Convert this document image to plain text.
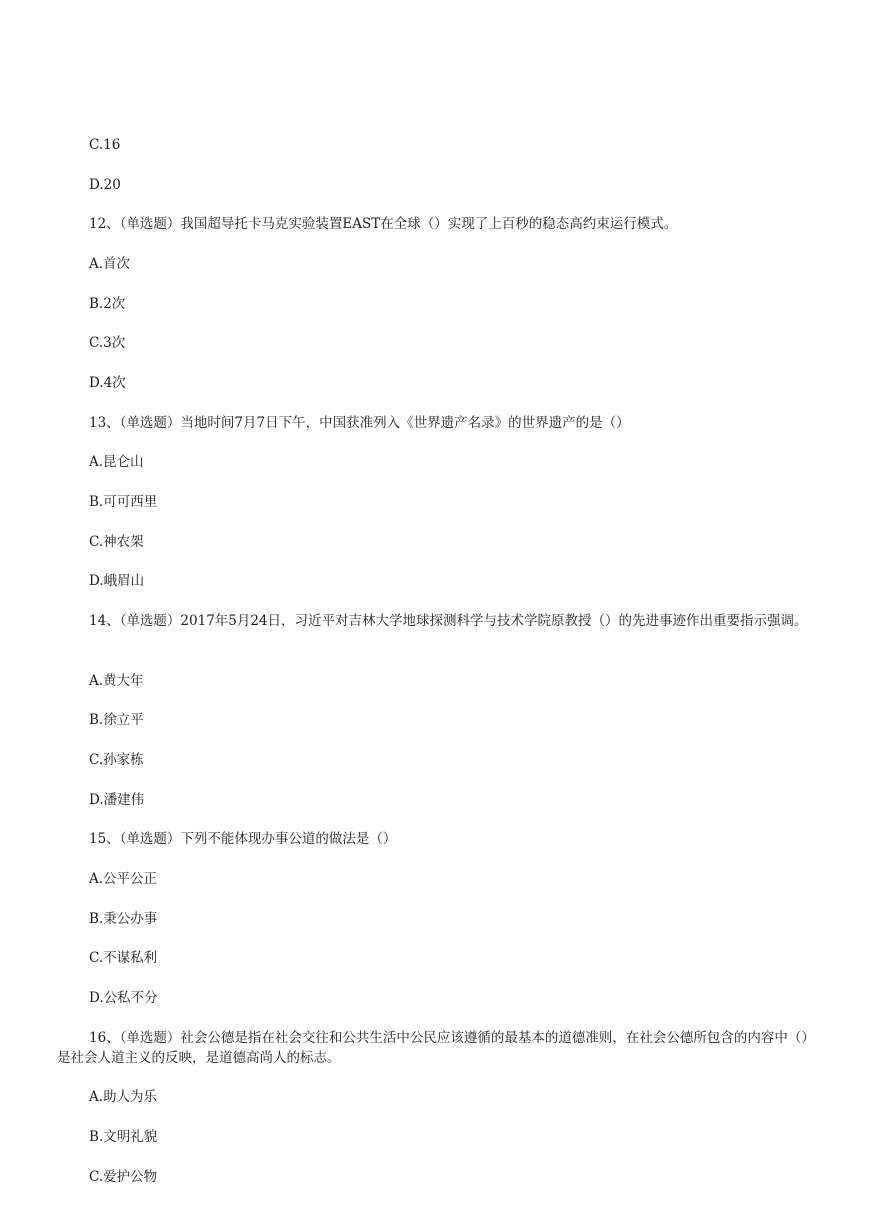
C.16
D.20
12、（单选题）我国超导托卡马克实验装置EAST在全球（）实现了上百秒的稳态高约束运行模式。
A.首次
B.2次
C.3次
D.4次
13、（单选题）当地时间7月7日下午，中国获准列入《世界遗产名录》的世界遗产的是（）
A.昆仑山
B.可可西里
C.神农架
D.峨眉山
14、（单选题）2017年5月24日，习近平对吉林大学地球探测科学与技术学院原教授（）的先进事迹作出重要指示强调。
A.黄大年
B.徐立平
C.孙家栋
D.潘建伟
15、（单选题）下列不能体现办事公道的做法是（）
A.公平公正
B.秉公办事
C.不谋私利
D.公私不分
16、（单选题）社会公德是指在社会交往和公共生活中公民应该遵循的最基本的道德准则，在社会公德所包含的内容中（）是社会人道主义的反映，是道德高尚人的标志。
A.助人为乐
B.文明礼貌
C.爱护公物
